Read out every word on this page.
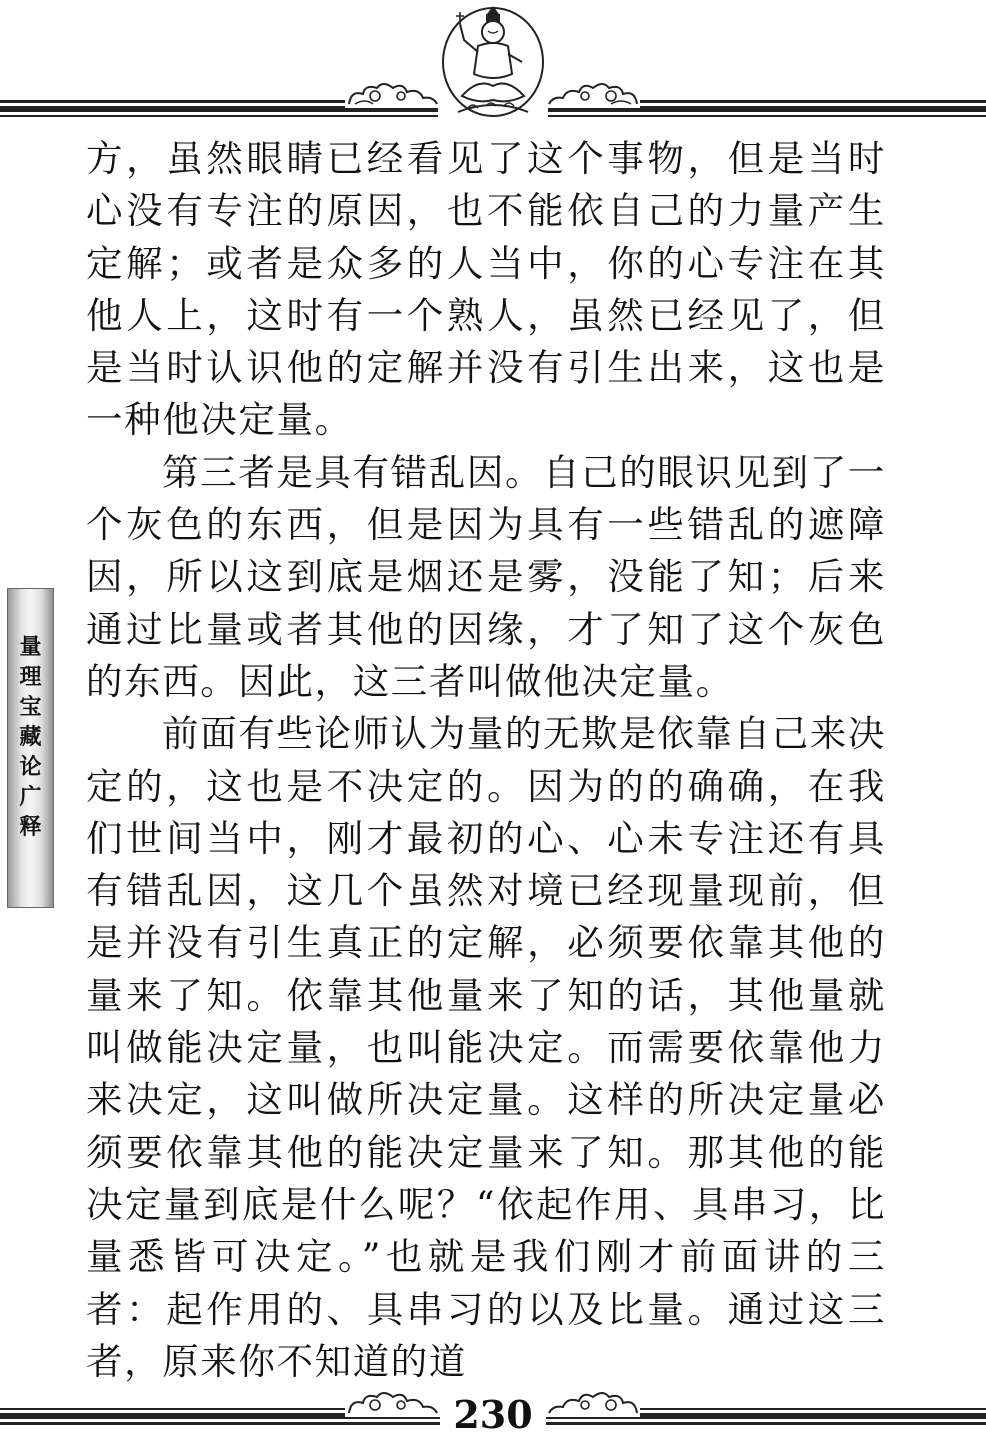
量理宝藏论广释

方，虽然眼睛已经看见了这个事物，但是当时心没有专注的原因，也不能依自己的力量产生定解；或者是众多的人当中，你的心专注在其他人上，这时有一个熟人，虽然已经见了，但是当时认识他的定解并没有引生出来，这也是一种他决定量。

第三者是具有错乱因。自己的眼识见到了一个灰色的东西，但是因为具有一些错乱的遮障因，所以这到底是烟还是雾，没能了知；后来通过比量或者其他的因缘，才了知了这个灰色的东西。因此，这三者叫做他决定量。

前面有些论师认为量的无欺是依靠自己来决定的，这也是不决定的。因为的的确确，在我们世间当中，刚才最初的心、心未专注还有具有错乱因，这几个虽然对境已经现量现前，但是并没有引生真正的定解，必须要依靠其他的量来了知。依靠其他量来了知的话，其他量就叫做能决定量，也叫能决定。而需要依靠他力来决定，这叫做所决定量。这样的所决定量必须要依靠其他的能决定量来了知。那其他的能决定量到底是什么呢？“依起作用、具串习，比量悉皆可决定。”也就是我们刚才前面讲的三者：起作用的、具串习的以及比量。通过这三者，原来你不知道的道

230
